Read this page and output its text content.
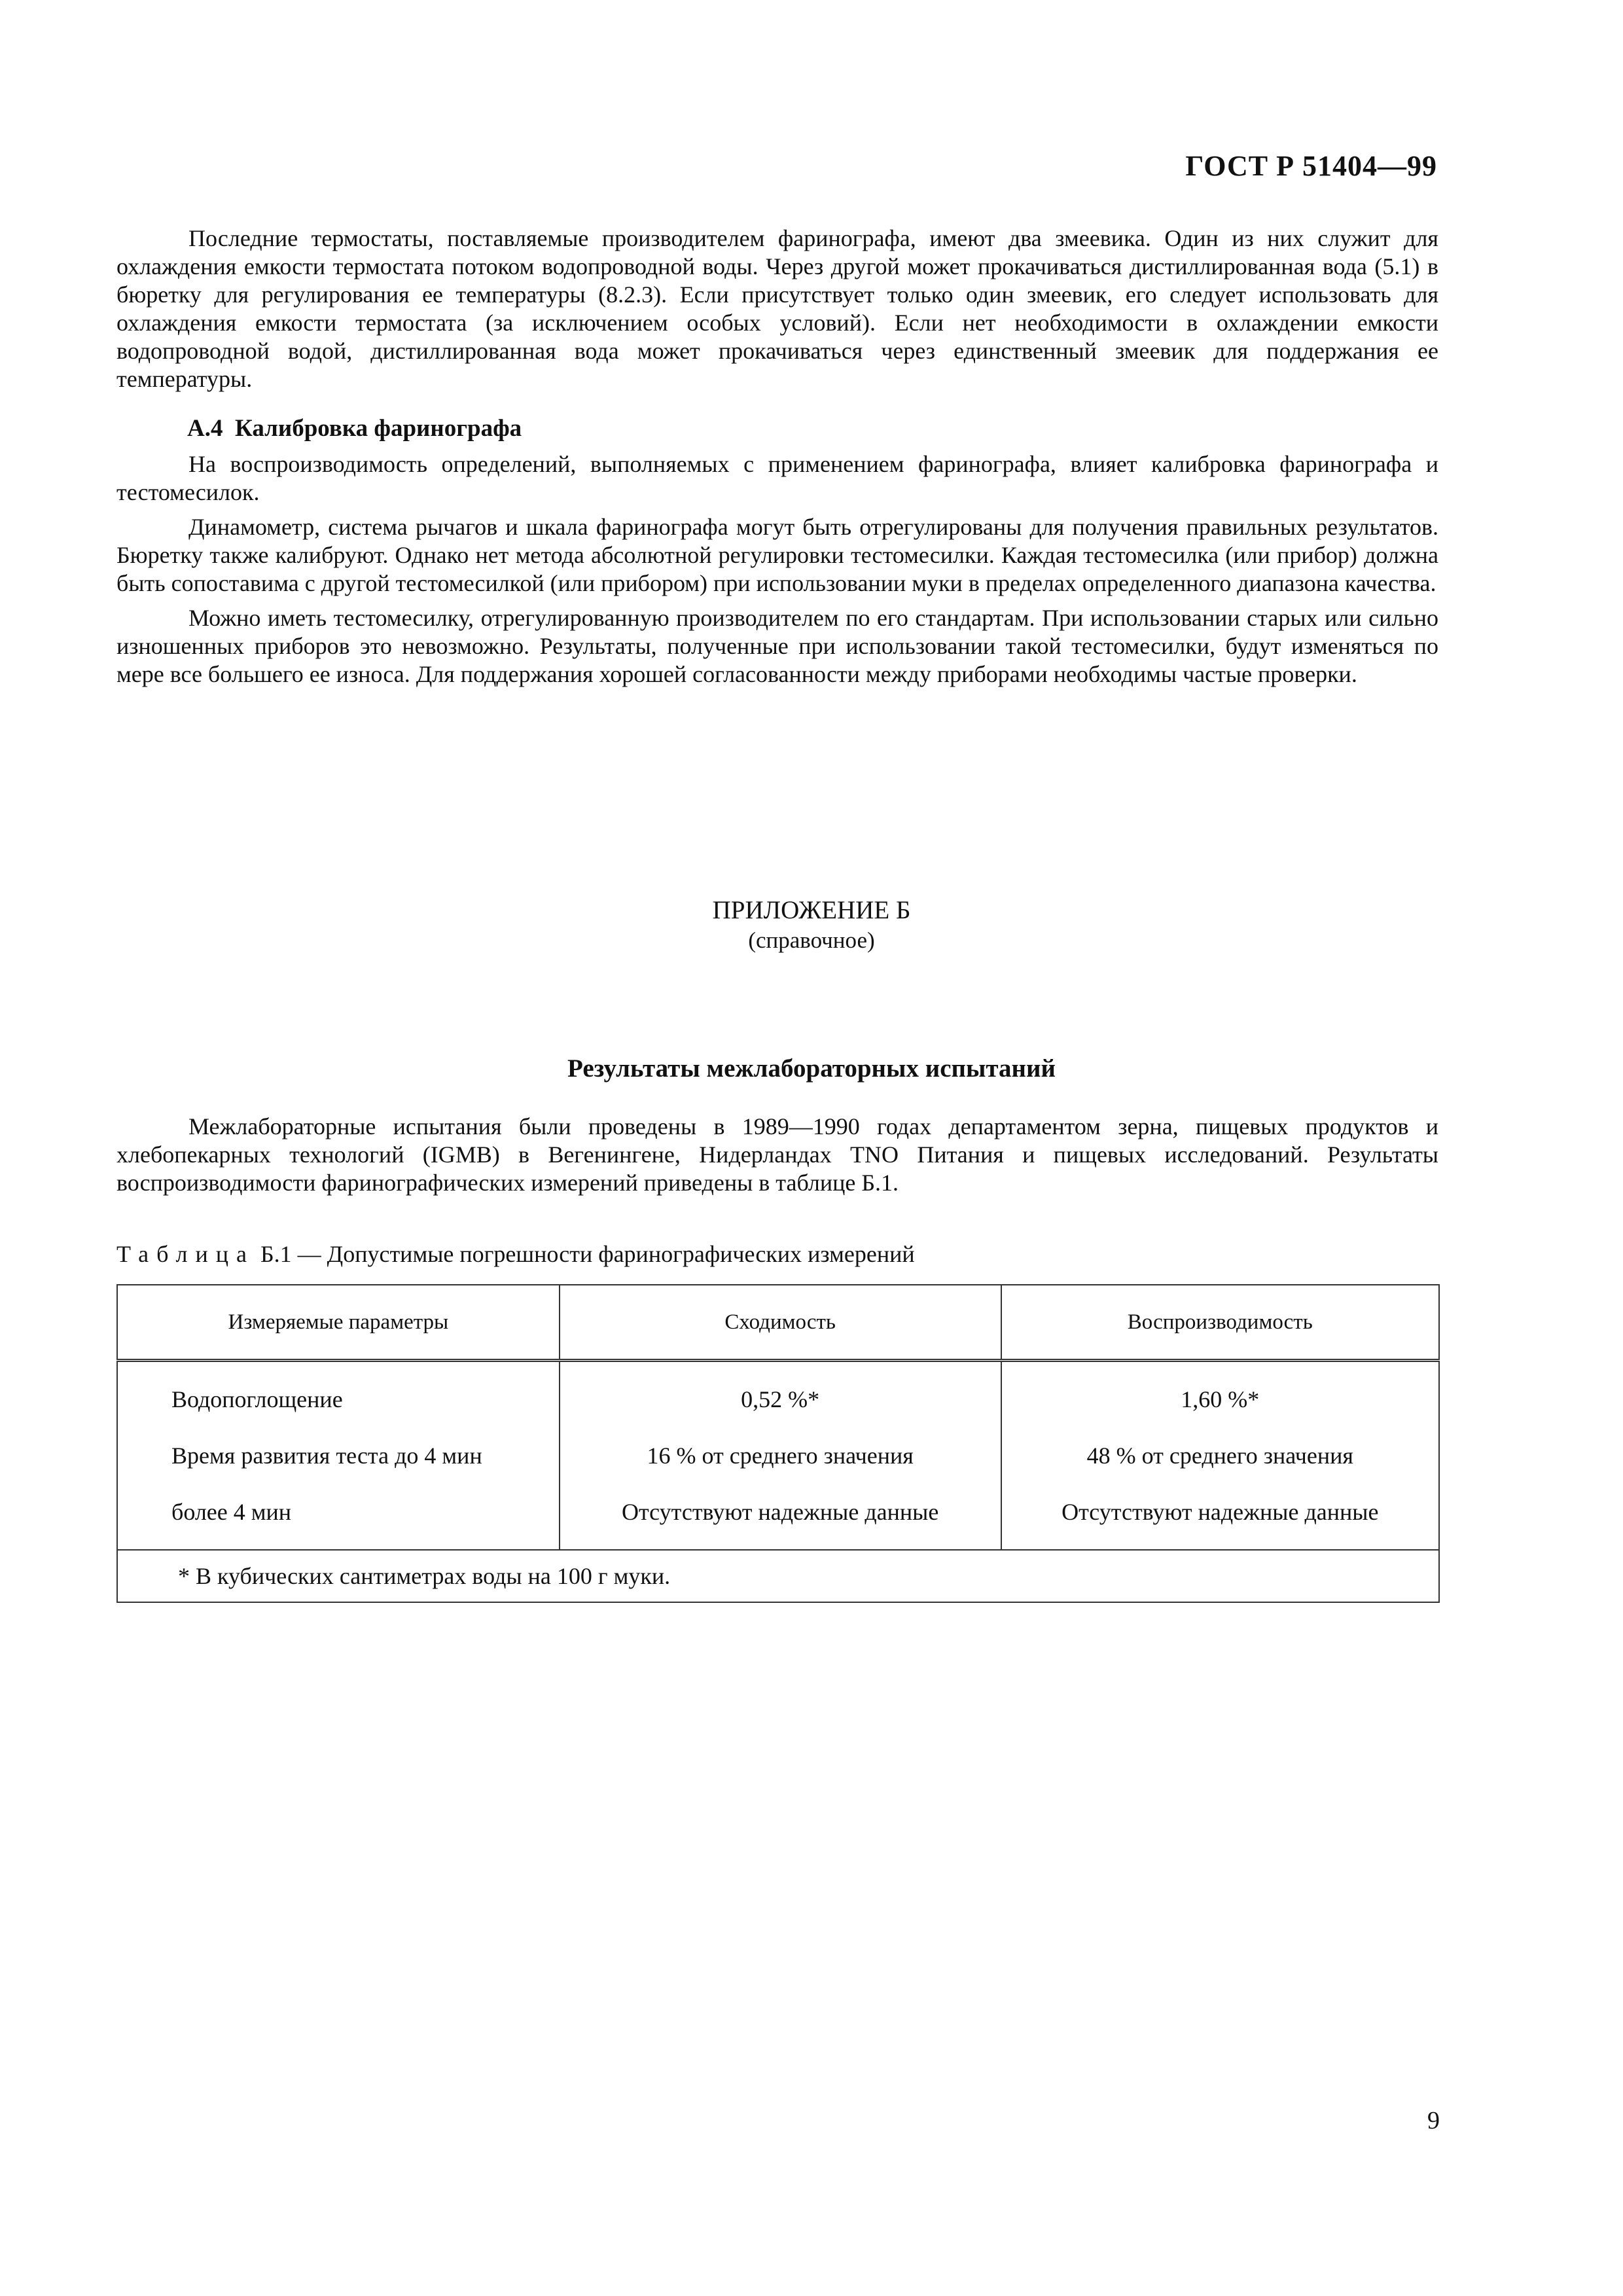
ГОСТ Р 51404—99

Последние термостаты, поставляемые производителем фаринографа, имеют два змеевика. Один из них служит для охлаждения емкости термостата потоком водопроводной воды. Через другой может прокачиваться дистиллированная вода (5.1) в бюретку для регулирования ее температуры (8.2.3). Если присутствует только один змеевик, его следует использовать для охлаждения емкости термостата (за исключением особых условий). Если нет необходимости в охлаждении емкости водопроводной водой, дистиллированная вода может прокачиваться через единственный змеевик для поддержания ее температуры.

А.4 Калибровка фаринографа

На воспроизводимость определений, выполняемых с применением фаринографа, влияет калибровка фаринографа и тестомесилок.

Динамометр, система рычагов и шкала фаринографа могут быть отрегулированы для получения правильных результатов. Бюретку также калибруют. Однако нет метода абсолютной регулировки тестомесилки. Каждая тестомесилка (или прибор) должна быть сопоставима с другой тестомесилкой (или прибором) при использовании муки в пределах определенного диапазона качества.

Можно иметь тестомесилку, отрегулированную производителем по его стандартам. При использовании старых или сильно изношенных приборов это невозможно. Результаты, полученные при использовании такой тестомесилки, будут изменяться по мере все большего ее износа. Для поддержания хорошей согласованности между приборами необходимы частые проверки.

ПРИЛОЖЕНИЕ Б
(справочное)
Результаты межлабораторных испытаний

Межлабораторные испытания были проведены в 1989—1990 годах департаментом зерна, пищевых продуктов и хлебопекарных технологий (IGMB) в Вегенингене, Нидерландах TNO Питания и пищевых исследований. Результаты воспроизводимости фаринографических измерений приведены в таблице Б.1.

Таблица Б.1 — Допустимые погрешности фаринографических измерений
Измеряемые параметры	Сходимость	Воспроизводимость
Водопоглощение	0,52 %*	1,60 %*
Время развития теста до 4 мин	16 % от среднего значения	48 % от среднего значения
более 4 мин	Отсутствуют надежные данные	Отсутствуют надежные данные
* В кубических сантиметрах воды на 100 г муки.		
9
